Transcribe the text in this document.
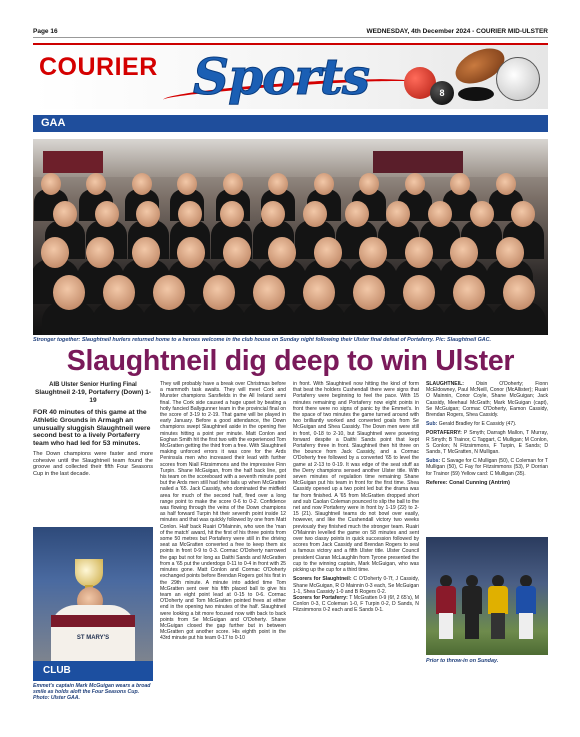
Page 16	WEDNESDAY, 4th December 2024 - COURIER MID-ULSTER
COURIER Sports	8
GAA
Stronger together: Slaughtneil hurlers returned home to a heroes welcome in the club house on Sunday night following their Ulster final defeat of Portaferry. Pic: Slaughtneil GAC.
Slaughtneil dig deep to win Ulster

AIB Ulster Senior Hurling Final

Slaughtneil 2-19, Portaferry (Down) 1-19

FOR 40 minutes of this game at the Athletic Grounds in Armagh an unusually sluggish Slaughtneil were second best to a lively Portaferry team who had led for 53 minutes.

The Down champions were faster and more cohesive until the Slaughtneil team found the groove and collected their fifth Four Seasons Cup in the last decade.

ST MARY'S
CLUB
Emmet's captain Mark McGuigan wears a broad smile as holds aloft the Four Seasons Cup. Photo: Ulster GAA.

They will probably have a break over Christmas before a mammoth task awaits. They will meet Cork and Munster champions Sarsfields in the All Ireland semi final. The Cork side caused a huge upset by beating a hotly fancied Ballygunner team in the provincial final on the score of 3-19 to 2-19. That game will be played in early January. Before a good attendance, the Down champions swept Slaughtneil aside in the opening five minutes hitting a point per minute. Matt Conlon and Eoghan Smith hit the first two with the experienced Tom McGratten getting the third from a free. With Slaughtneil making unforced errors it was core for the Ards Peninsula men who increased their lead with further scores from Niall Fitzsimmons and the impressive Finn Turpin. Shane McGuigan, from the half back line, got his team on the scoreboard with a seventh minute point but the Ards men still had their tails up when McGratten nailed a '65. Jack Cassidy, who dominated the midfield area for much of the second half, fired over a long range point to make the score 0-6 to 0-2. Confidence was flowing through the veins of the Down champions as half forward Turpin hit their seventh point inside 12 minutes and that was quickly followed by one from Matt Conlon. Half back Ruairi O'Mainnin, who won the 'man of the match' award, hit the first of his three points from some 50 metres but Portaferry were still in the driving seat as McGratten converted a free to keep them six points in front 0-9 to 0-3. Cormac O'Doherty narrowed the gap but not for long as Daithi Sands and McGratten from a '65 put the underdogs 0-11 to 0-4 in front with 25 minutes gone. Matt Conlon and Cormac O'Doherty exchanged points before Brendan Rogers got his first in the 29th minute. A minute into added time Tom McGratten sent over his fifth placed ball to give his team an eight point lead at 0-15 to 0-6. Cormac O'Doherty and Tom McGratten pointed frees at either end in the opening two minutes of the half. Slaughtneil were looking a bit more focused now with back to back points from Se McGuigan and O'Doherty. Shane McGuigan closed the gap further but in between McGratten got another score. His eighth point in the 43rd minute put his team 0-17 to 0-10

in front. With Slaughtneil now hitting the kind of form that beat the holders Cushendall there were signs that Portaferry were beginning to feel the pace. With 15 minutes remaining and Portaferry now eight points in front there were no signs of panic by the Emmet's. In the space of two minutes the game turned around with two brilliantly worked and converted goals from Se McGuigan and Shea Cassidy. The Down men were still in front, 0-18 to 2-10, but Slaughtneil were powering forward despite a Daithi Sands point that kept Portaferry three in front. Slaughtneil then hit three on the bounce from Jack Cassidy, and a Cormac O'Doherty free followed by a converted '65 to level the game at 2-13 to 0-19. It was edge of the seat stuff as the Derry champions sensed another Ulster title. With seven minutes of regulation time remaining Shane McGuigan put his team in front for the first time. Shea Cassidy opened up a two point led but the drama was far from finished. A '65 from McGratten dropped short and sub Caolan Coleman pounced to slip the ball to the net and now Portaferry were in front by 1-19 (22) to 2-15 (21). Slaughtneil teams do not bowl over easily, however, and like the Cushendall victory two weeks previously they finished much the stronger team. Ruairi O'Mainnin levelled the game on 58 minutes and sent over two classy points in quick succession followed by scores from Jack Cassidy and Brendan Rogers to seal a famous victory and a fifth Ulster title. Ulster Council president Ciaran McLaughlin from Tyrone presented the cup to the winning captain, Mark McGuigan, who was picking up the cup for a third time.

Scorers for Slaughtneil: C O'Doherty 0-7f, J Cassidy, Shane McGuigan, R O Mainnin 0-3 each, Se McGuigan 1-1, Shea Cassidy 1-0 and B Rogers 0-2.

Scorers for Portaferry: T McGratten 0-9 (6f, 2 65's), M Conlon 0-3, C Coleman 1-0, F Turpin 0-2, D Sands, N Fitzsimmons 0-2 each and E Sands 0-1.

SLAUGHTNEIL: Oisin O'Doherty; Fionn McEldowney, Paul McNeill, Conor (McAllister); Ruairi O Mainnin, Conor Coyle, Shane McGuigan; Jack Cassidy, Meehaul McGrath; Mark McGuigan (capt), Se McGuigan; Cormac O'Doherty, Eamon Cassidy, Brendan Rogers, Shea Cassidy.

Sub: Gerald Bradley for E Cassidy (47).

PORTAFERRY: P Smyth; Darragh Mallon, T Murray, R Smyth; B Trainor, C Taggart, C Mulligan; M Conlon, S Conlon; N Fitzsimmons, F Turpin, E Sands; D Sands, T McGratten, N Mulligan.

Subs: C Savage for C Mulligan (50), C Coleman for T Mulligan (50), C Fay for Fitzsimmons (53), P Dorrian for Trainor (59) Yellow card: C Mulligan (35).

Referee: Conal Cunning (Antrim)

Prior to throw-in on Sunday.
